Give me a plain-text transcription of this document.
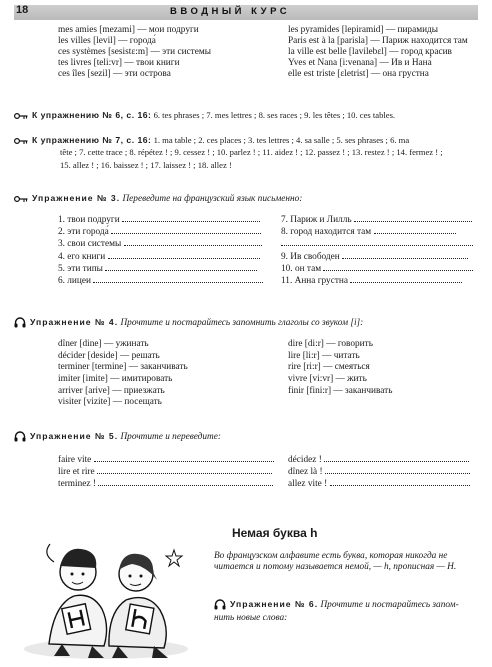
18	ВВОДНЫЙ КУРС
mes amies [mezami] — мои подруги
les villes [levil] — города́
ces systèmes [sesistɛ:m] — эти системы
tes livres [teli:vr] — твои книги
ces îles [sezil] — эти острова
les pyramides [lepiramid] — пирамиды
Paris est à la [parisla] — Париж находится там
la ville est belle [lavilebɛl] — город красив
Yves et Nana [i:venana] — Ив и Нана́
elle est triste [ɛletrist] — она грустна
К упражнению № 6, с. 16: 6. tes phrases ; 7. mes lettres ; 8. ses races ; 9. les têtes ; 10. ces tables.
К упражнению № 7, с. 16: 1. ma table ; 2. ces places ; 3. tes lettres ; 4. sa salle ; 5. ses phrases ; 6. ma
tête ; 7. cette trace ; 8. répétez ! ; 9. cessez ! ; 10. parlez ! ; 11. aidez ! ; 12. passez ! ; 13. restez ! ; 14. fermez ! ;
15. allez ! ; 16. baissez ! ; 17. laissez ! ; 18. allez !
Упражнение № 3. Переведите на французский язык письменно:
1. твои подруги
2. эти города́
3. свои системы
4. его книги
5. эти типы
6. лицеи
7. Париж и Лилль
8. город находится там
9. Ив свободен
10. он там
11. Анна грустна
Упражнение № 4. Прочтите и постарайтесь запомнить глаголы со звуком [i]:
dîner [dine] — ужинать
décider [deside] — решать
terminer [termine] — заканчивать
imiter [imite] — имитировать
arriver [arive] — приезжать
visiter [vizite] — посещать
dire [di:r] — говорить
lire [li:r] — читать
rire [ri:r] — смеяться
vivre [vi:vr] — жить
finir [fini:r] — заканчивать
Упражнение № 5. Прочтите и переведите:
faire vite
lire et rire
terminez !
décidez !
dînez là !
allez vite !
Немая буква h
Во французском алфавите есть буква, которая никогда не
читается и потому называется немой, — h, прописная — H.
Упражнение № 6. Прочтите и постарайтесь запом-
нить новые слова:
